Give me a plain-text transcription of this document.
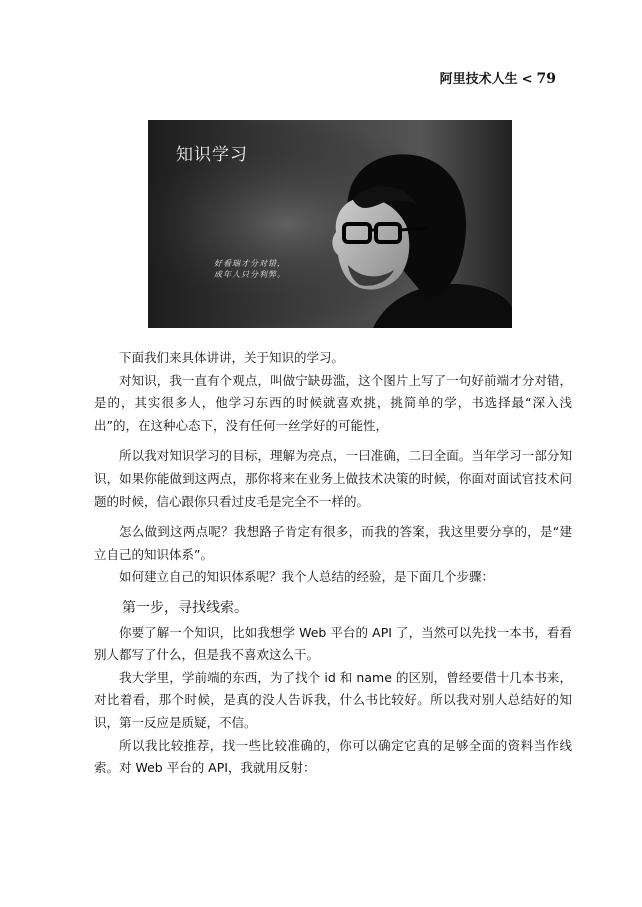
阿里技术人生 < 79
知识学习
好看瑞才分对错，
成年人只分利弊。

下面我们来具体讲讲，关于知识的学习。

对知识，我一直有个观点，叫做宁缺毋滥，这个图片上写了一句好前端才分对错，是的，其实很多人，他学习东西的时候就喜欢挑，挑简单的学，书选择最“深入浅出”的，在这种心态下，没有任何一丝学好的可能性，

所以我对知识学习的目标，理解为亮点，一曰准确，二曰全面。当年学习一部分知识，如果你能做到这两点，那你将来在业务上做技术决策的时候，你面对面试官技术问题的时候，信心跟你只看过皮毛是完全不一样的。

怎么做到这两点呢？我想路子肯定有很多，而我的答案，我这里要分享的，是“建立自己的知识体系”。

如何建立自己的知识体系呢？我个人总结的经验，是下面几个步骤：

第一步，寻找线索。

你要了解一个知识，比如我想学 Web 平台的 API 了，当然可以先找一本书，看看别人都写了什么，但是我不喜欢这么干。

我大学里，学前端的东西，为了找个 id 和 name 的区别，曾经要借十几本书来，对比着看，那个时候，是真的没人告诉我，什么书比较好。所以我对别人总结好的知识，第一反应是质疑，不信。

所以我比较推荐，找一些比较准确的，你可以确定它真的足够全面的资料当作线索。对 Web 平台的 API，我就用反射：
